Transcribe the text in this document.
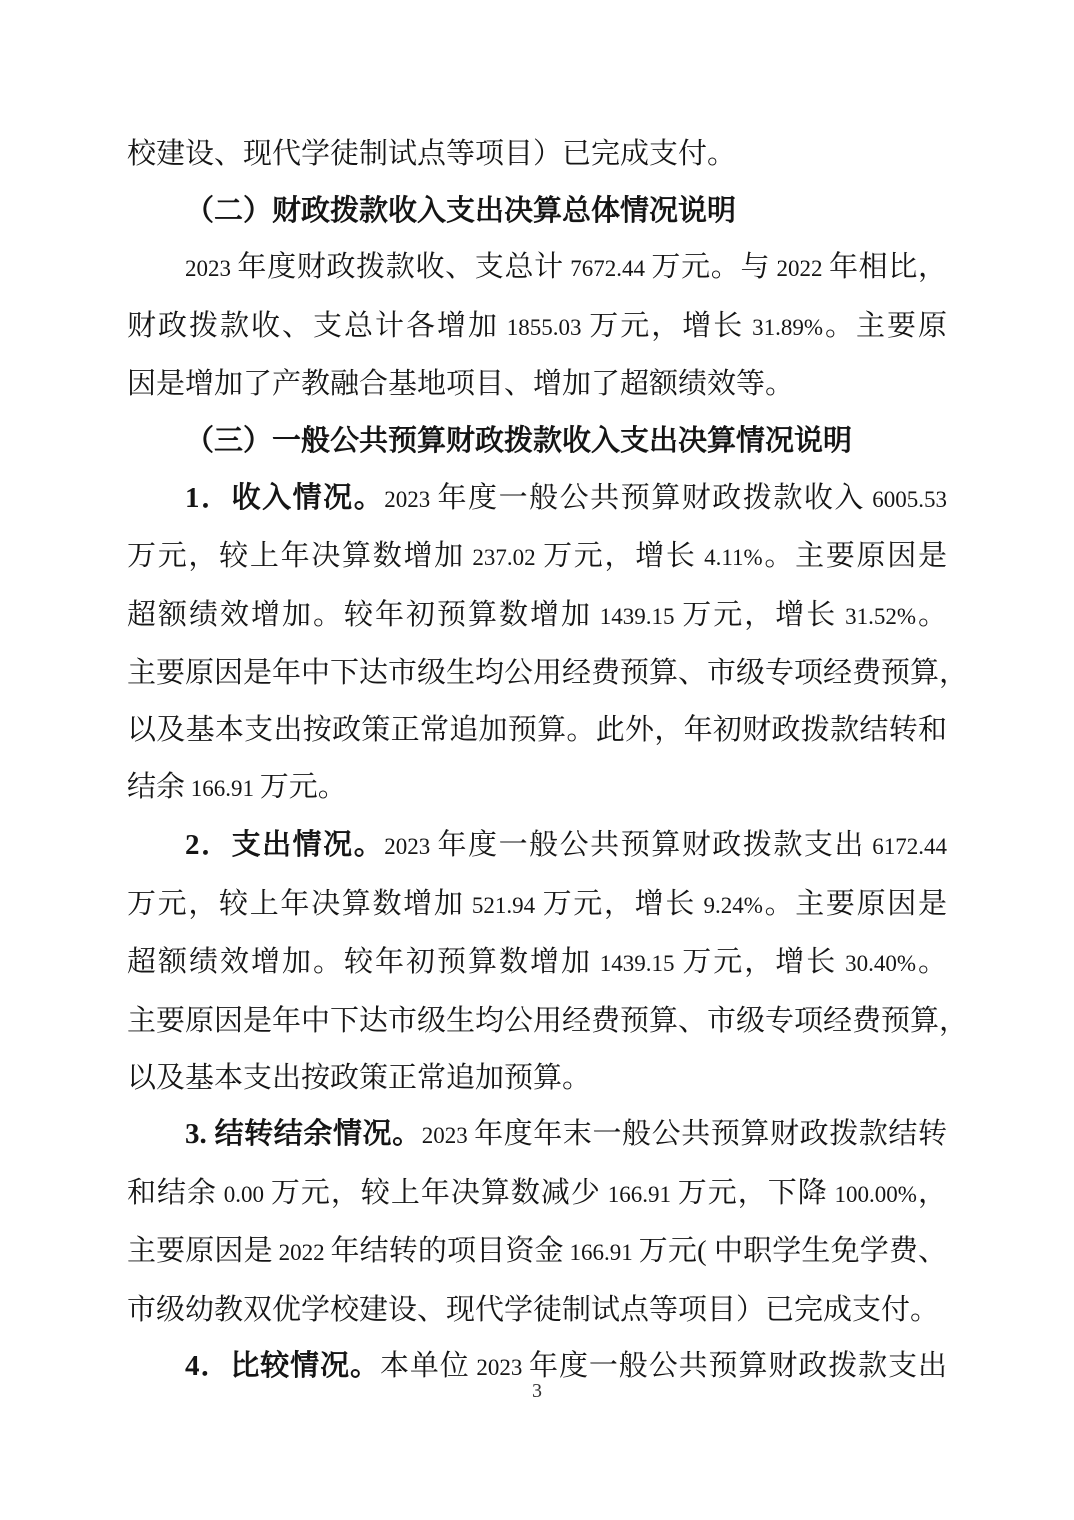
校建设、现代学徒制试点等项目）已完成支付。
（二）财政拨款收入支出决算总体情况说明
2023 年度财政拨款收、支总计 7672.44 万元。与 2022 年相比，
财政拨款收、支总计各增加 1855.03 万元，增长 31.89%。主要原
因是增加了产教融合基地项目、增加了超额绩效等。
（三）一般公共预算财政拨款收入支出决算情况说明
1．收入情况。2023 年度一般公共预算财政拨款收入 6005.53
万元，较上年决算数增加 237.02 万元，增长 4.11%。主要原因是
超额绩效增加。较年初预算数增加 1439.15 万元，增长 31.52%。
主要原因是年中下达市级生均公用经费预算、市级专项经费预算，
以及基本支出按政策正常追加预算。此外，年初财政拨款结转和
结余 166.91 万元。
2．支出情况。2023 年度一般公共预算财政拨款支出 6172.44
万元，较上年决算数增加 521.94 万元，增长 9.24%。主要原因是
超额绩效增加。较年初预算数增加 1439.15 万元，增长 30.40%。
主要原因是年中下达市级生均公用经费预算、市级专项经费预算，
以及基本支出按政策正常追加预算。
3. 结转结余情况。2023 年度年末一般公共预算财政拨款结转
和结余 0.00 万元，较上年决算数减少 166.91 万元，下降 100.00%，
主要原因是 2022 年结转的项目资金 166.91 万元( 中职学生免学费、
市级幼教双优学校建设、现代学徒制试点等项目）已完成支付。
4．比较情况。本单位 2023 年度一般公共预算财政拨款支出
3
